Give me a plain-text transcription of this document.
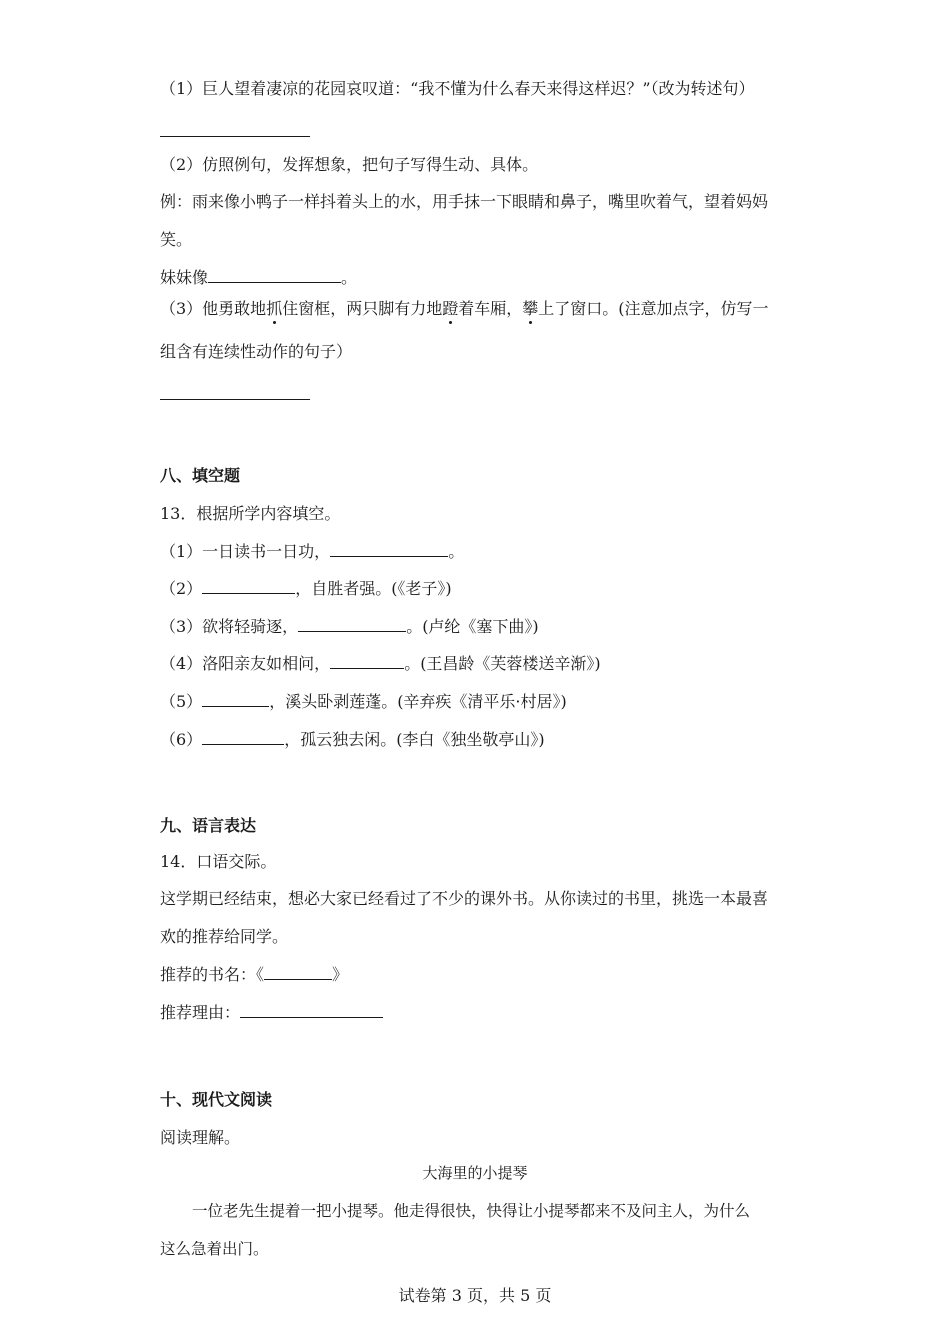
（1）巨人望着凄凉的花园哀叹道：“我不懂为什么春天来得这样迟？”（改为转述句）
（2）仿照例句，发挥想象，把句子写得生动、具体。
例：雨来像小鸭子一样抖着头上的水，用手抹一下眼睛和鼻子，嘴里吹着气，望着妈妈
笑。
妹妹像	。
（3）他勇敢地抓住窗框，两只脚有力地蹬着车厢，攀上了窗口。(注意加点字，仿写一
组含有连续性动作的句子）
八、填空题
13．根据所学内容填空。
（1）一日读书一日功，	。
（2）	，自胜者强。(《老子》)
（3）欲将轻骑逐，	。(卢纶《塞下曲》)
（4）洛阳亲友如相问，	。(王昌龄《芙蓉楼送辛渐》)
（5）	，溪头卧剥莲蓬。(辛弃疾《清平乐·村居》)
（6）	，孤云独去闲。(李白《独坐敬亭山》)
九、语言表达
14．口语交际。
这学期已经结束，想必大家已经看过了不少的课外书。从你读过的书里，挑选一本最喜
欢的推荐给同学。
推荐的书名：《	》
推荐理由：
十、现代文阅读
阅读理解。
大海里的小提琴
一位老先生提着一把小提琴。他走得很快，快得让小提琴都来不及问主人，为什么
这么急着出门。
试卷第 3 页，共 5 页
